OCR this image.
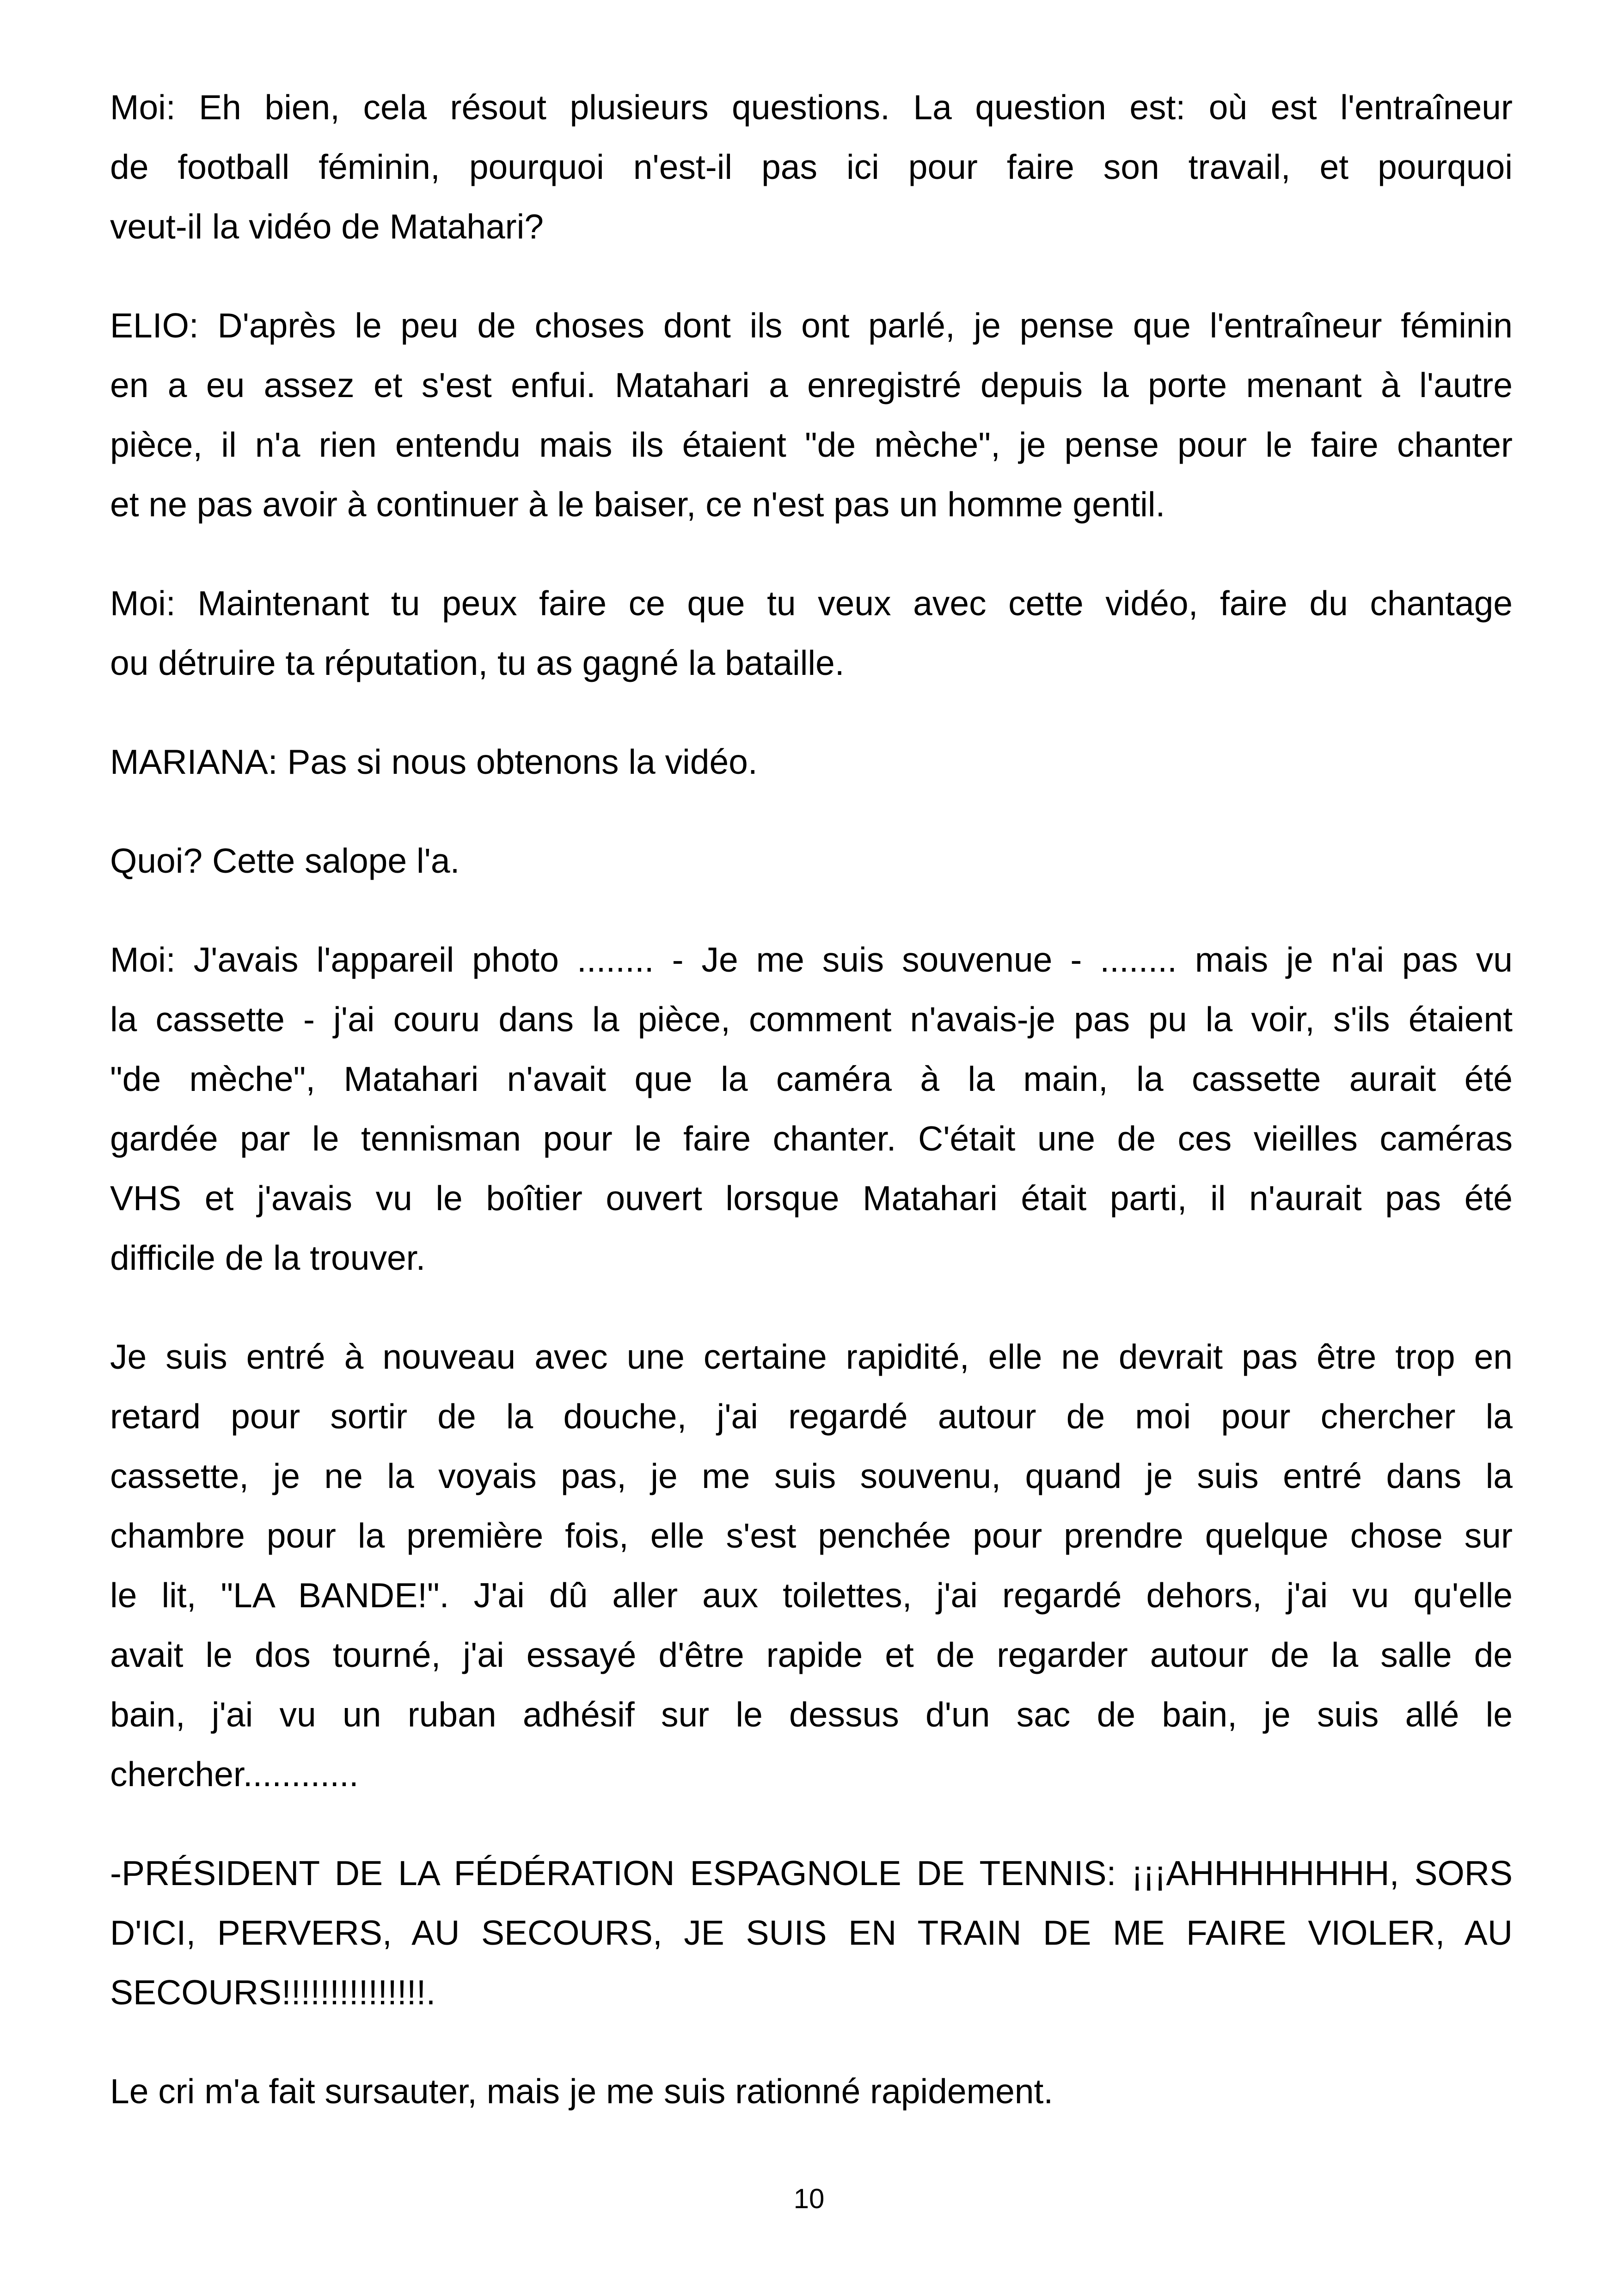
Moi: Eh bien, cela résout plusieurs questions. La question est: où est l'entraîneur
de football féminin, pourquoi n'est-il pas ici pour faire son travail, et pourquoi
veut-il la vidéo de Matahari?
ELIO: D'après le peu de choses dont ils ont parlé, je pense que l'entraîneur féminin
en a eu assez et s'est enfui. Matahari a enregistré depuis la porte menant à l'autre
pièce, il n'a rien entendu mais ils étaient "de mèche", je pense pour le faire chanter
et ne pas avoir à continuer à le baiser, ce n'est pas un homme gentil.
Moi: Maintenant tu peux faire ce que tu veux avec cette vidéo, faire du chantage
ou détruire ta réputation, tu as gagné la bataille.
MARIANA: Pas si nous obtenons la vidéo.
Quoi? Cette salope l'a.
Moi: J'avais l'appareil photo ........ - Je me suis souvenue - ........ mais je n'ai pas vu
la cassette - j'ai couru dans la pièce, comment n'avais-je pas pu la voir, s'ils étaient
"de mèche", Matahari n'avait que la caméra à la main, la cassette aurait été
gardée par le tennisman pour le faire chanter. C'était une de ces vieilles caméras
VHS et j'avais vu le boîtier ouvert lorsque Matahari était parti, il n'aurait pas été
difficile de la trouver.
Je suis entré à nouveau avec une certaine rapidité, elle ne devrait pas être trop en
retard pour sortir de la douche, j'ai regardé autour de moi pour chercher la
cassette, je ne la voyais pas, je me suis souvenu, quand je suis entré dans la
chambre pour la première fois, elle s'est penchée pour prendre quelque chose sur
le lit, "LA BANDE!". J'ai dû aller aux toilettes, j'ai regardé dehors, j'ai vu qu'elle
avait le dos tourné, j'ai essayé d'être rapide et de regarder autour de la salle de
bain, j'ai vu un ruban adhésif sur le dessus d'un sac de bain, je suis allé le
chercher............
-PRÉSIDENT DE LA FÉDÉRATION ESPAGNOLE DE TENNIS: ¡¡¡AHHHHHHHH, SORS
D'ICI, PERVERS, AU SECOURS, JE SUIS EN TRAIN DE ME FAIRE VIOLER, AU
SECOURS!!!!!!!!!!!!!!!.
Le cri m'a fait sursauter, mais je me suis rationné rapidement.
10
